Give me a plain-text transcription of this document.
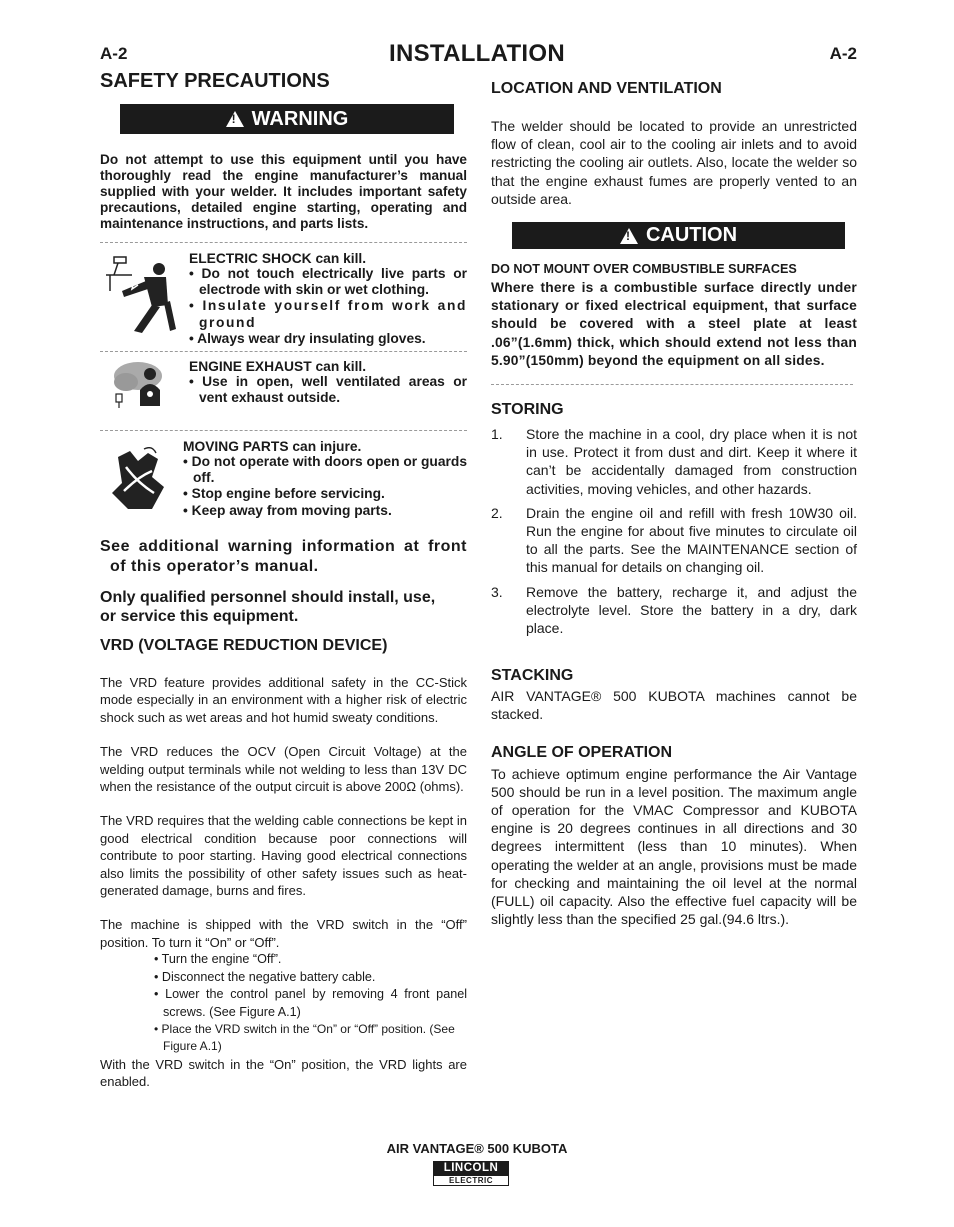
A-2	INSTALLATION	A-2
SAFETY PRECAUTIONS
!
WARNING
Do not attempt to use this equipment until you have thoroughly read the engine manufacturer’s manual supplied with your welder. It includes important safety precautions, detailed engine starting, operating and maintenance instructions, and parts lists.
ELECTRIC SHOCK can kill.
• Do not touch electrically live parts or electrode with skin or wet clothing.
• Insulate yourself from work and ground
• Always wear dry insulating gloves.
ENGINE EXHAUST can kill.
• Use in open, well ventilated areas or vent exhaust outside.
MOVING PARTS can injure.
• Do not operate with doors open or guards off.
• Stop engine before servicing.
• Keep away from moving parts.
See additional warning information at front of this operator’s manual.
Only qualified personnel should install, use, or service this equipment.
VRD (VOLTAGE REDUCTION DEVICE)
The VRD feature provides additional safety in the CC-Stick mode especially in an environment with a higher risk of electric shock such as wet areas and hot humid sweaty conditions.
The VRD reduces the OCV (Open Circuit Voltage) at the welding output terminals while not welding to less than 13V DC when the resistance of the output circuit is above 200Ω (ohms).
The VRD requires that the welding cable connections be kept in good electrical condition because poor connections will contribute to poor starting. Having good electrical connections also limits the possibility of other safety issues such as heat-generated damage, burns and fires.
The machine is shipped with the VRD switch in the “Off” position. To turn it “On” or “Off”.
• Turn the engine “Off”.
• Disconnect the negative battery cable.
• Lower the control panel by removing 4 front panel screws. (See Figure A.1)
• Place the VRD switch in the “On” or “Off” position. (See Figure A.1)
With the VRD switch in the “On” position, the VRD lights are enabled.
LOCATION AND VENTILATION
The welder should be located to provide an unrestricted flow of clean, cool air to the cooling air inlets and to avoid restricting the cooling air outlets. Also, locate the welder so that the engine exhaust fumes are properly vented to an outside area.
!
CAUTION
DO NOT MOUNT OVER COMBUSTIBLE SURFACES
Where there is a combustible surface directly under stationary or fixed electrical equipment, that surface should be covered with a steel plate at least .06”(1.6mm) thick, which should extend not less than 5.90”(150mm) beyond the equipment on all sides.
STORING
1. Store the machine in a cool, dry place when it is not in use. Protect it from dust and dirt. Keep it where it can’t be accidentally damaged from construction activities, moving vehicles, and other hazards.
2. Drain the engine oil and refill with fresh 10W30 oil. Run the engine for about five minutes to circulate oil to all the parts. See the MAINTENANCE section of this manual for details on changing oil.
3. Remove the battery, recharge it, and adjust the electrolyte level. Store the battery in a dry, dark place.
STACKING
AIR VANTAGE® 500 KUBOTA machines cannot be stacked.
ANGLE OF OPERATION
To achieve optimum engine performance the Air Vantage 500 should be run in a level position. The maximum angle of operation for the VMAC Compressor and KUBOTA engine is 20 degrees continues in all directions and 30 degrees intermittent (less than 10 minutes). When operating the welder at an angle, provisions must be made for checking and maintaining the oil level at the normal (FULL) oil capacity. Also the effective fuel capacity will be slightly less than the specified 25 gal.(94.6 ltrs.).
AIR VANTAGE® 500 KUBOTA
LINCOLN
ELECTRIC
